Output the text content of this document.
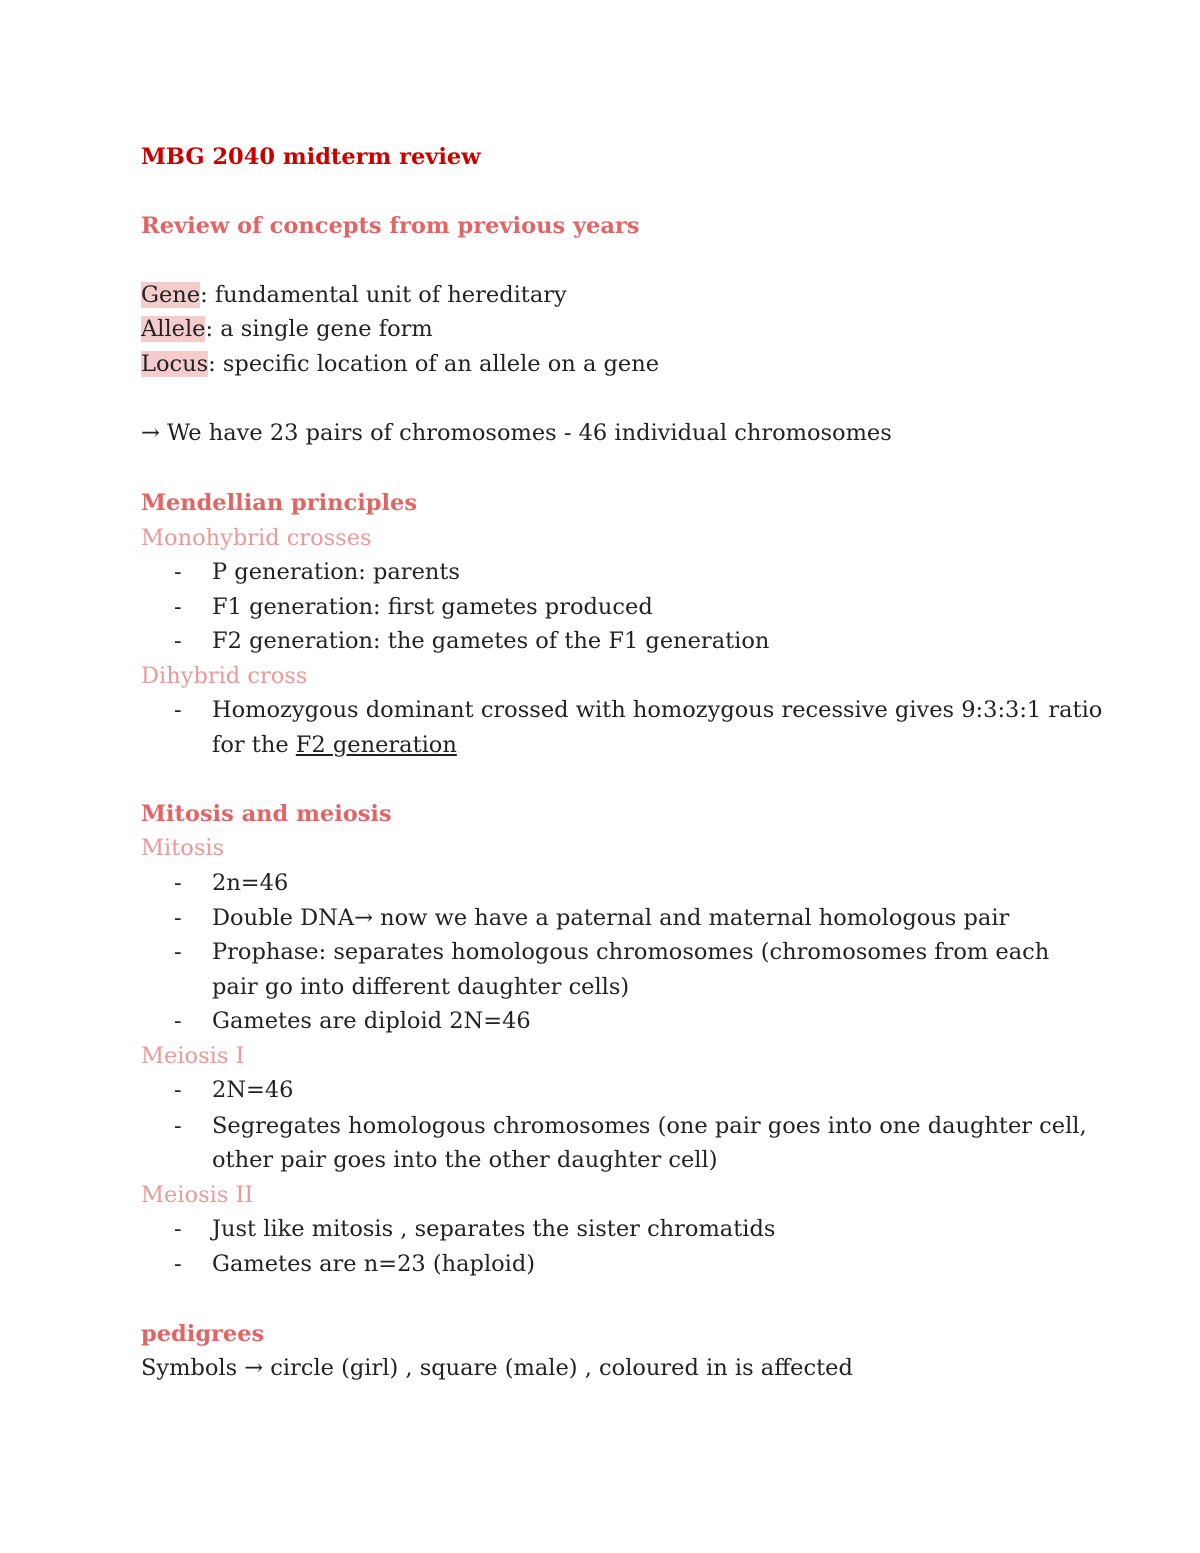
MBG 2040 midterm review
Review of concepts from previous years
Gene: fundamental unit of hereditary
Allele: a single gene form
Locus: specific location of an allele on a gene
→ We have 23 pairs of chromosomes - 46 individual chromosomes
Mendellian principles
Monohybrid crosses
- P generation: parents
- F1 generation: first gametes produced
- F2 generation: the gametes of the F1 generation
Dihybrid cross
- Homozygous dominant crossed with homozygous recessive gives 9:3:3:1 ratio
for the F2 generation
Mitosis and meiosis
Mitosis
- 2n=46
- Double DNA→ now we have a paternal and maternal homologous pair
- Prophase: separates homologous chromosomes (chromosomes from each
pair go into different daughter cells)
- Gametes are diploid 2N=46
Meiosis I
- 2N=46
- Segregates homologous chromosomes (one pair goes into one daughter cell,
other pair goes into the other daughter cell)
Meiosis II
- Just like mitosis , separates the sister chromatids
- Gametes are n=23 (haploid)
pedigrees
Symbols → circle (girl) , square (male) , coloured in is affected
